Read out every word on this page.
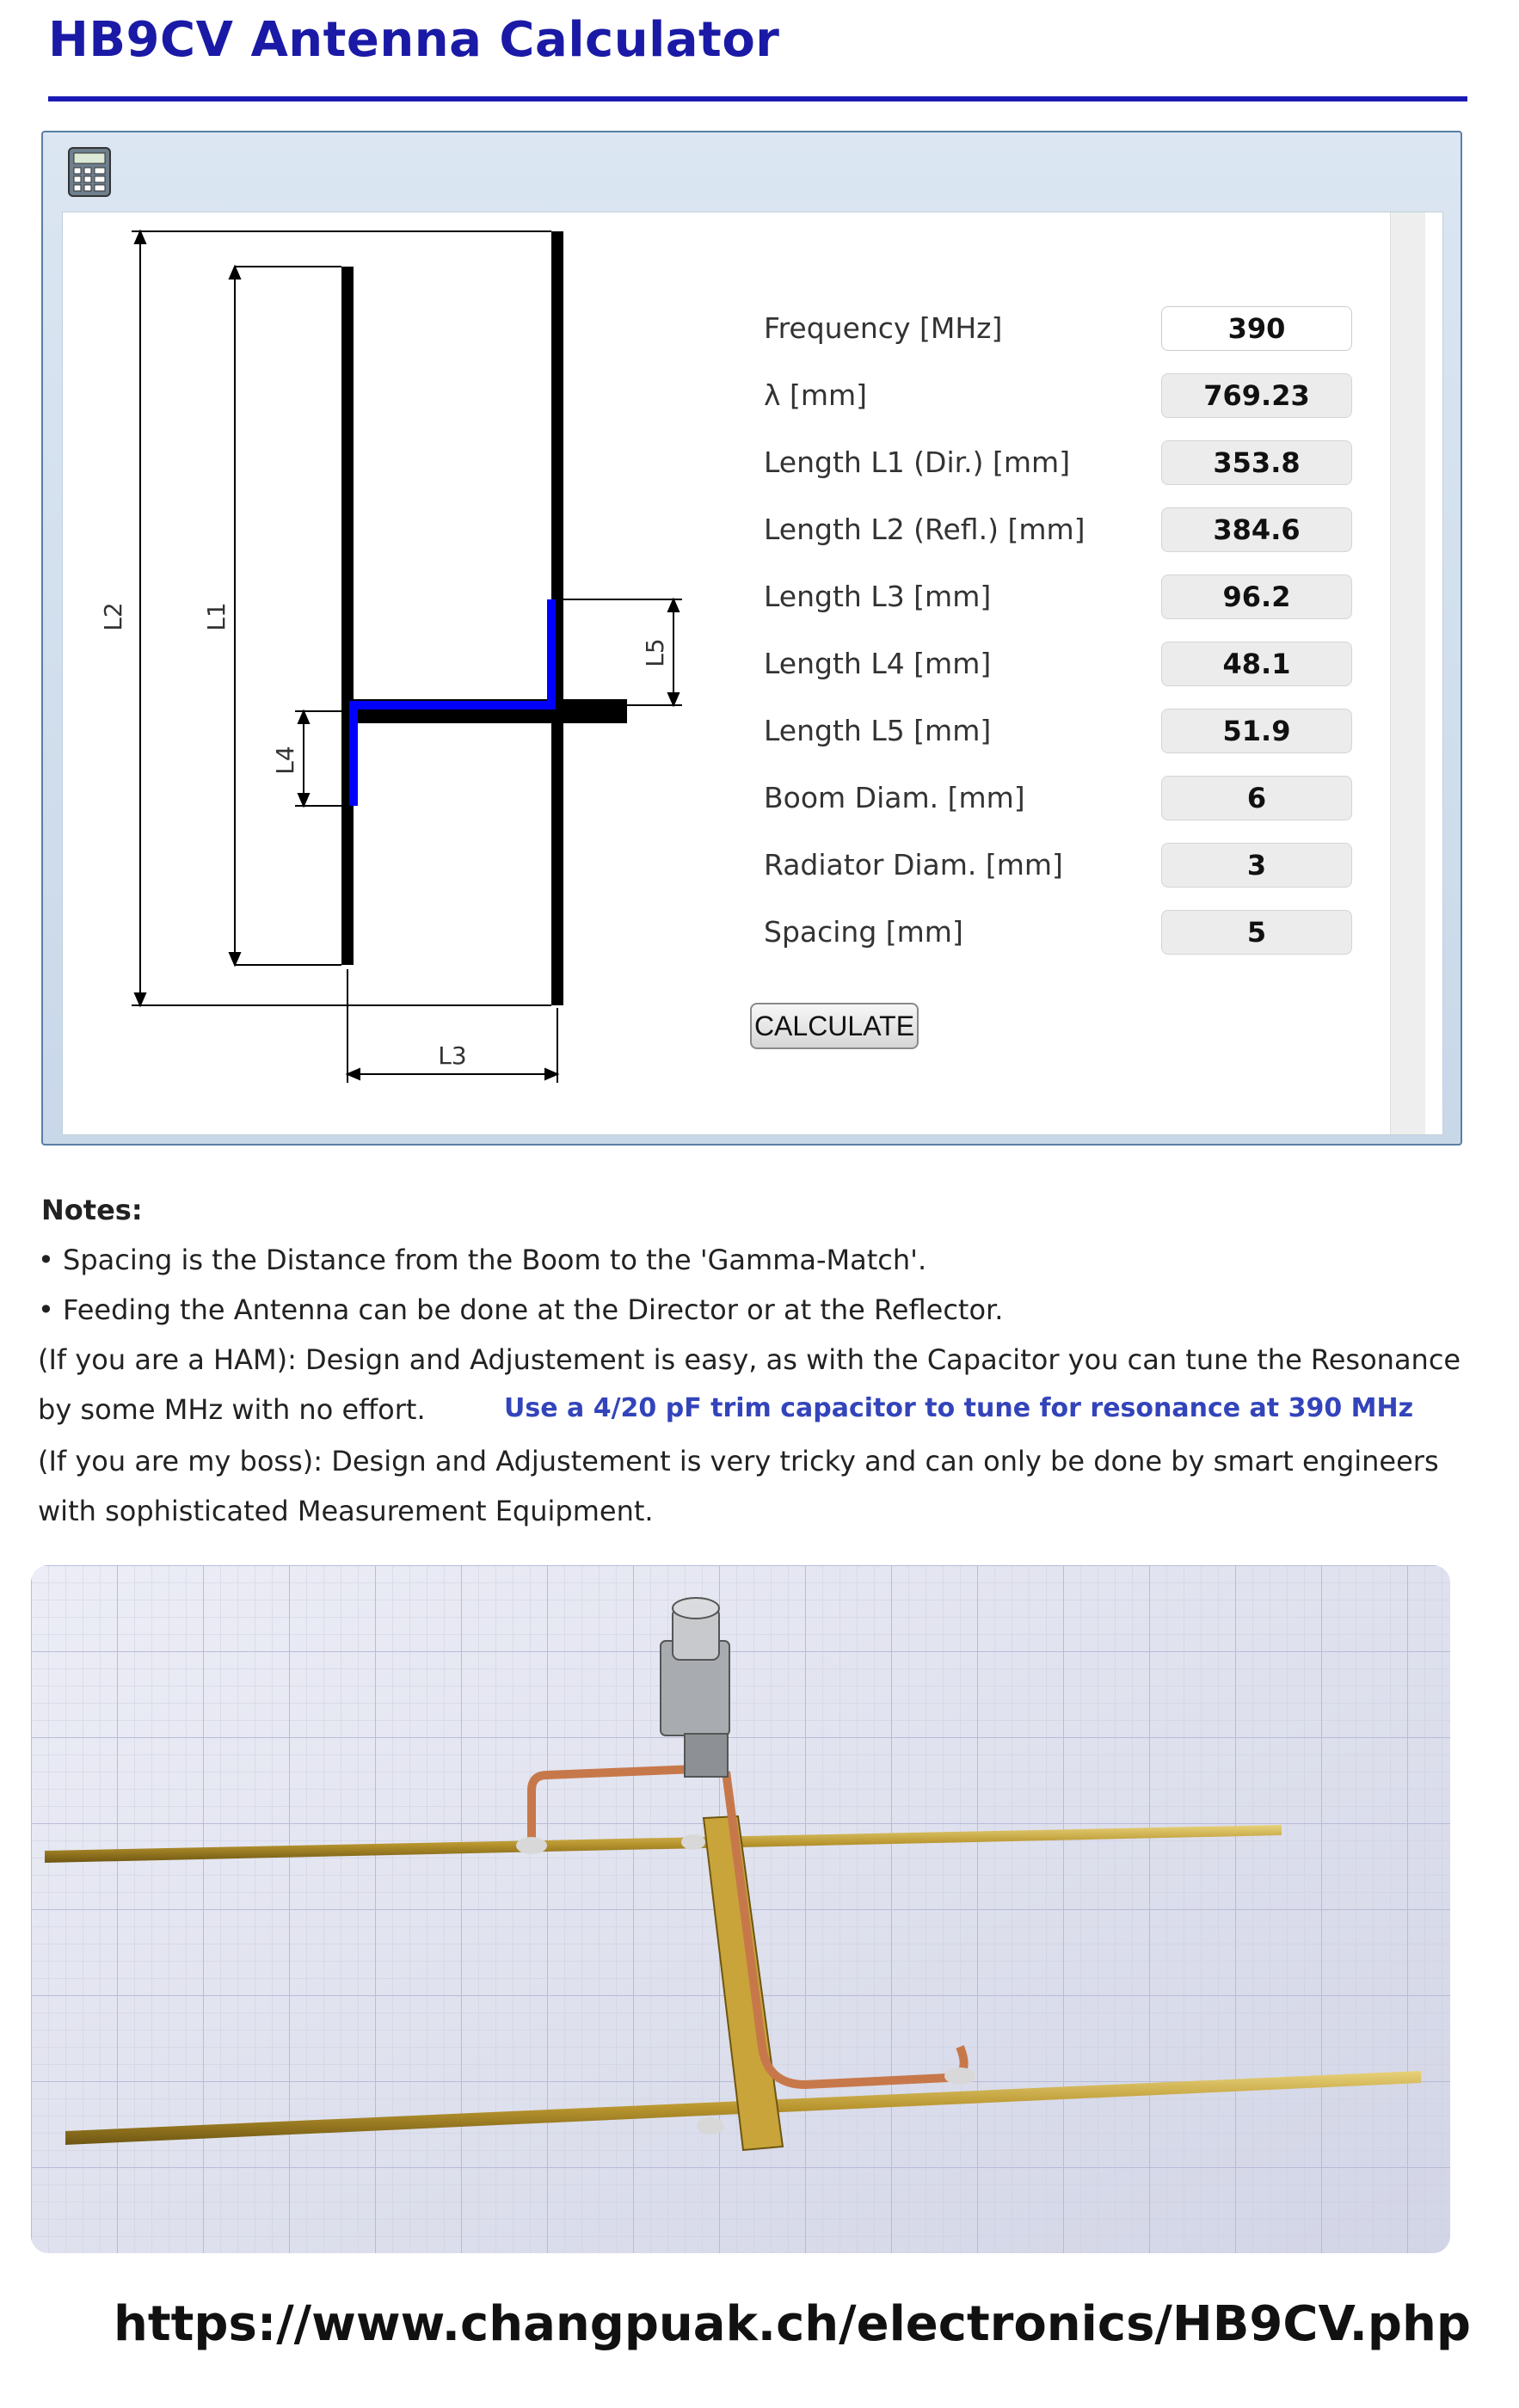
HB9CV Antenna Calculator
L2	L1
L4
L5
L3
Frequency [MHz]	390
λ [mm]	769.23
Length L1 (Dir.) [mm]	353.8
Length L2 (Refl.) [mm]	384.6
Length L3 [mm]	96.2
Length L4 [mm]	48.1
Length L5 [mm]	51.9
Boom Diam. [mm]	6
Radiator Diam. [mm]	3
Spacing [mm]	5
CALCULATE
Notes:
• Spacing is the Distance from the Boom to the 'Gamma-Match'.
• Feeding the Antenna can be done at the Director or at the Reflector.
(If you are a HAM): Design and Adjustement is easy, as with the Capacitor you can tune the Resonance
by some MHz with no effort.	Use a 4/20 pF trim capacitor to tune for resonance at 390 MHz
(If you are my boss): Design and Adjustement is very tricky and can only be done by smart engineers
with sophisticated Measurement Equipment.
https://www.changpuak.ch/electronics/HB9CV.php
